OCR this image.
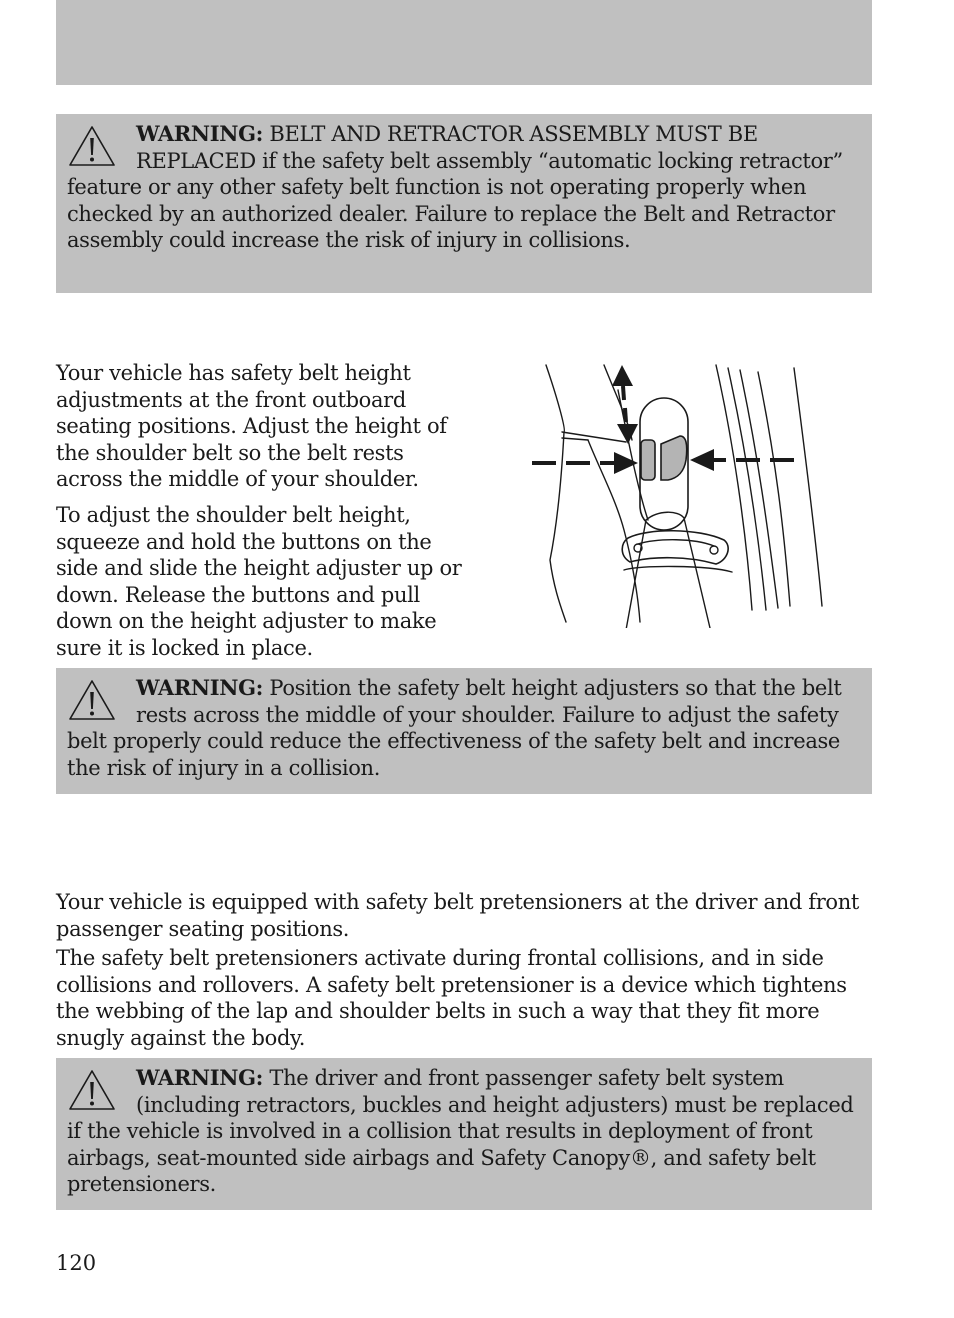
WARNING: BELT AND RETRACTOR ASSEMBLY MUST BE REPLACED if the safety belt assembly “automatic locking retractor” feature or any other safety belt function is not operating properly when checked by an authorized dealer. Failure to replace the Belt and Retractor assembly could increase the risk of injury in collisions.

Your vehicle has safety belt height adjustments at the front outboard seating positions. Adjust the height of the shoulder belt so the belt rests across the middle of your shoulder.

To adjust the shoulder belt height, squeeze and hold the buttons on the side and slide the height adjuster up or down. Release the buttons and pull down on the height adjuster to make sure it is locked in place.

WARNING: Position the safety belt height adjusters so that the belt rests across the middle of your shoulder. Failure to adjust the safety belt properly could reduce the effectiveness of the safety belt and increase the risk of injury in a collision.

Your vehicle is equipped with safety belt pretensioners at the driver and front passenger seating positions.

The safety belt pretensioners activate during frontal collisions, and in side collisions and rollovers. A safety belt pretensioner is a device which tightens the webbing of the lap and shoulder belts in such a way that they fit more snugly against the body.

WARNING: The driver and front passenger safety belt system (including retractors, buckles and height adjusters) must be replaced if the vehicle is involved in a collision that results in deployment of front airbags, seat-mounted side airbags and Safety Canopy®, and safety belt pretensioners.

120
